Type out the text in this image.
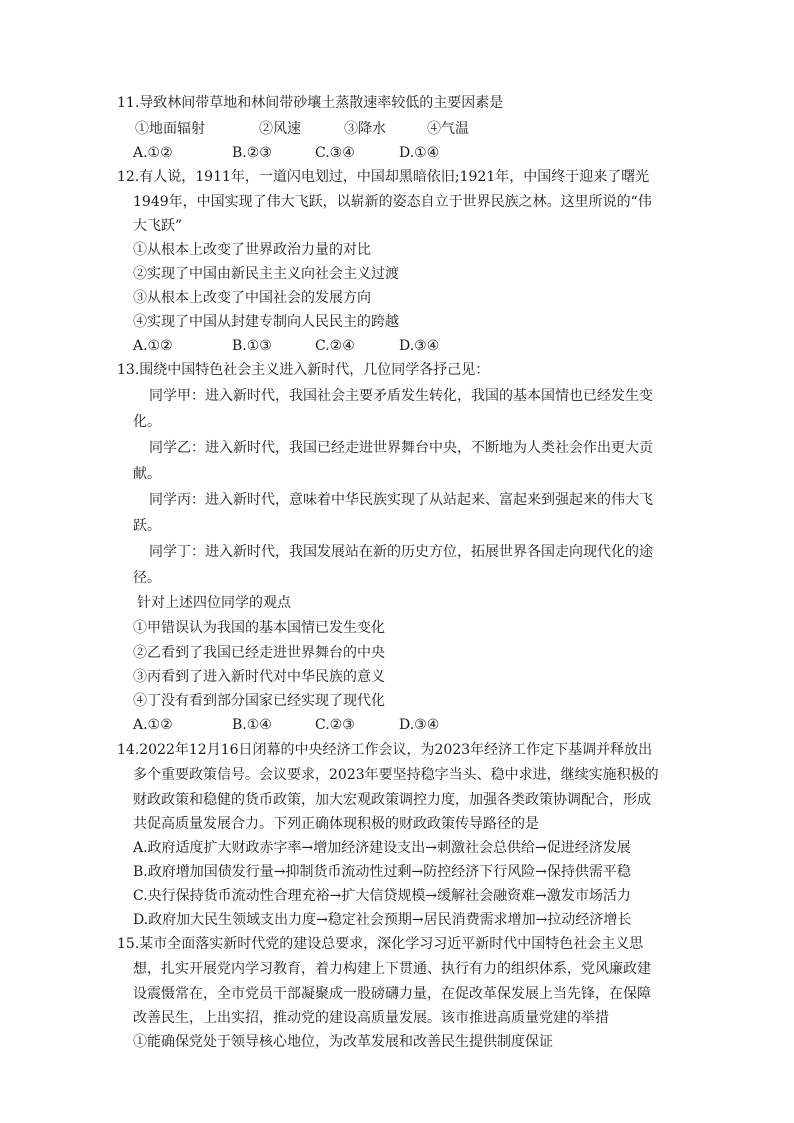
11.导致林间带草地和林间带砂壤土蒸散速率较低的主要因素是
①地面辐射	②风速	③降水	④气温
A.①②	B.②③	C.③④	D.①④
12.有人说，1911年，一道闪电划过，中国却黑暗依旧;1921年，中国终于迎来了曙光
1949年，中国实现了伟大飞跃，以崭新的姿态自立于世界民族之林。这里所说的“伟
大飞跃”
①从根本上改变了世界政治力量的对比
②实现了中国由新民主主义向社会主义过渡
③从根本上改变了中国社会的发展方向
④实现了中国从封建专制向人民民主的跨越
A.①②	B.①③	C.②④	D.③④
13.围绕中国特色社会主义进入新时代，几位同学各抒己见：
同学甲：进入新时代，我国社会主要矛盾发生转化，我国的基本国情也已经发生变
化。
同学乙：进入新时代，我国已经走进世界舞台中央，不断地为人类社会作出更大贡
献。
同学丙：进入新时代，意味着中华民族实现了从站起来、富起来到强起来的伟大飞
跃。
同学丁：进入新时代，我国发展站在新的历史方位，拓展世界各国走向现代化的途
径。
针对上述四位同学的观点
①甲错误认为我国的基本国情已发生变化
②乙看到了我国已经走进世界舞台的中央
③丙看到了进入新时代对中华民族的意义
④丁没有看到部分国家已经实现了现代化
A.①②	B.①④	C.②③	D.③④
14.2022年12月16日闭幕的中央经济工作会议，为2023年经济工作定下基调并释放出
多个重要政策信号。会议要求，2023年要坚持稳字当头、稳中求进，继续实施积极的
财政政策和稳健的货币政策，加大宏观政策调控力度，加强各类政策协调配合，形成
共促高质量发展合力。下列正确体现积极的财政政策传导路径的是
A.政府适度扩大财政赤字率→增加经济建设支出→刺激社会总供给→促进经济发展
B.政府增加国债发行量→抑制货币流动性过剩→防控经济下行风险→保持供需平稳
C.央行保持货币流动性合理充裕→扩大信贷规模→缓解社会融资难→激发市场活力
D.政府加大民生领域支出力度→稳定社会预期→居民消费需求增加→拉动经济增长
15.某市全面落实新时代党的建设总要求，深化学习习近平新时代中国特色社会主义思
想，扎实开展党内学习教育，着力构建上下贯通、执行有力的组织体系，党风廉政建
设震慑常在，全市党员干部凝聚成一股磅礴力量，在促改革保发展上当先锋，在保障
改善民生，上出实招，推动党的建设高质量发展。该市推进高质量党建的举措
①能确保党处于领导核心地位，为改革发展和改善民生提供制度保证
